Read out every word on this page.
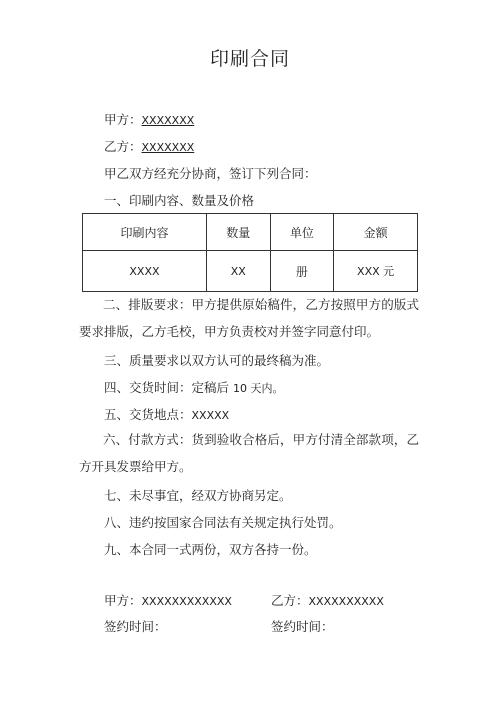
印刷合同
甲方：XXXXXXX
乙方：XXXXXXX
甲乙双方经充分协商，签订下列合同：
一、印刷内容、数量及价格
印刷内容	数量	单位	金额
XXXX	XX	册	XXX 元
二、排版要求：甲方提供原始稿件，乙方按照甲方的版式要求排版，乙方毛校，甲方负责校对并签字同意付印。
三、质量要求以双方认可的最终稿为准。
四、交货时间：定稿后 10 天内。
五、交货地点：XXXXX
六、付款方式：货到验收合格后，甲方付清全部款项，乙方开具发票给甲方。
七、未尽事宜，经双方协商另定。
八、违约按国家合同法有关规定执行处罚。
九、本合同一式两份，双方各持一份。
甲方：XXXXXXXXXXXX	乙方：XXXXXXXXXX
签约时间：	签约时间：
